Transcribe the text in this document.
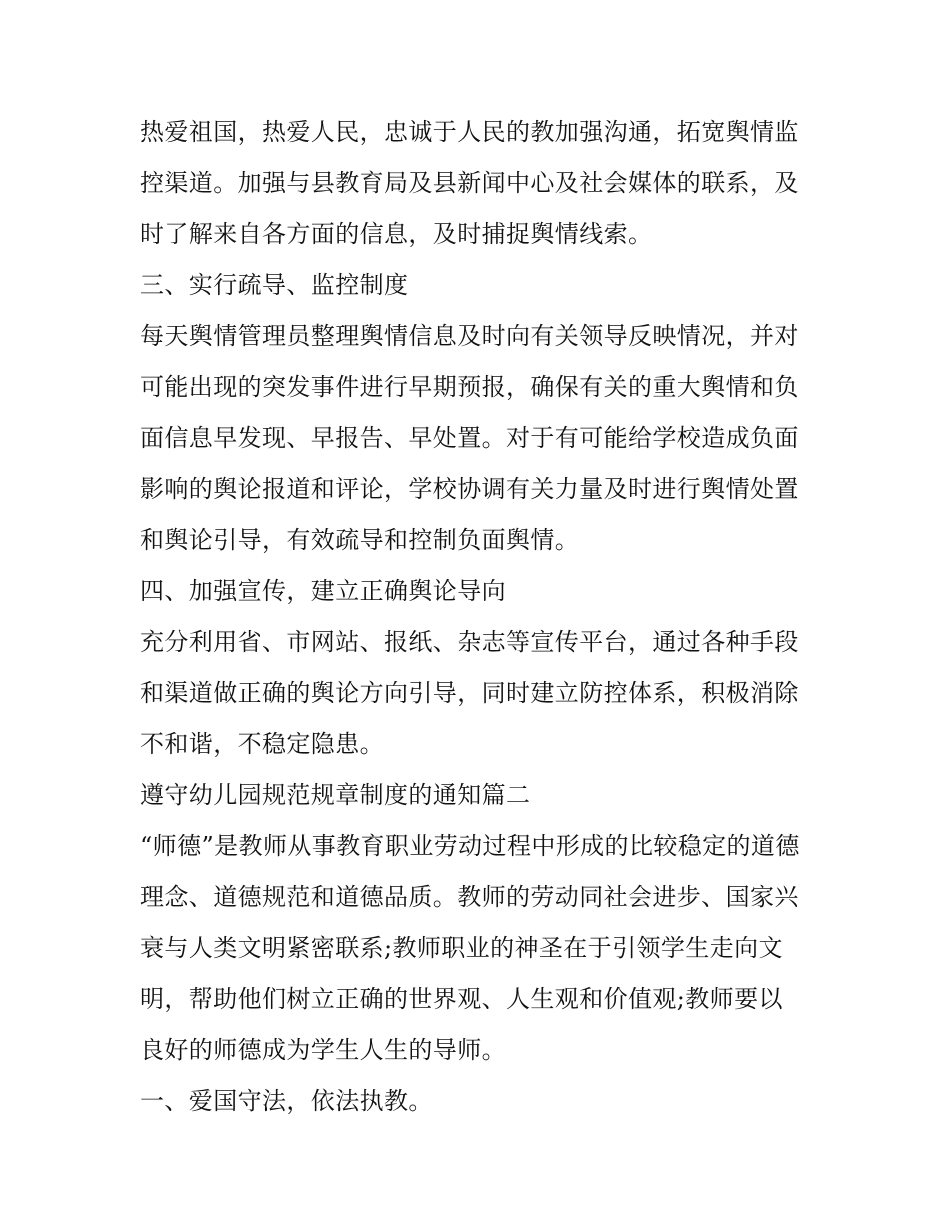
热爱祖国，热爱人民，忠诚于人民的教加强沟通，拓宽舆情监
控渠道。加强与县教育局及县新闻中心及社会媒体的联系，及
时了解来自各方面的信息，及时捕捉舆情线索。
三、实行疏导、监控制度
每天舆情管理员整理舆情信息及时向有关领导反映情况，并对
可能出现的突发事件进行早期预报，确保有关的重大舆情和负
面信息早发现、早报告、早处置。对于有可能给学校造成负面
影响的舆论报道和评论，学校协调有关力量及时进行舆情处置
和舆论引导，有效疏导和控制负面舆情。
四、加强宣传，建立正确舆论导向
充分利用省、市网站、报纸、杂志等宣传平台，通过各种手段
和渠道做正确的舆论方向引导，同时建立防控体系，积极消除
不和谐，不稳定隐患。
遵守幼儿园规范规章制度的通知篇二
“师德”是教师从事教育职业劳动过程中形成的比较稳定的道德
理念、道德规范和道德品质。教师的劳动同社会进步、国家兴
衰与人类文明紧密联系;教师职业的神圣在于引领学生走向文
明，帮助他们树立正确的世界观、人生观和价值观;教师要以
良好的师德成为学生人生的导师。
一、爱国守法，依法执教。
